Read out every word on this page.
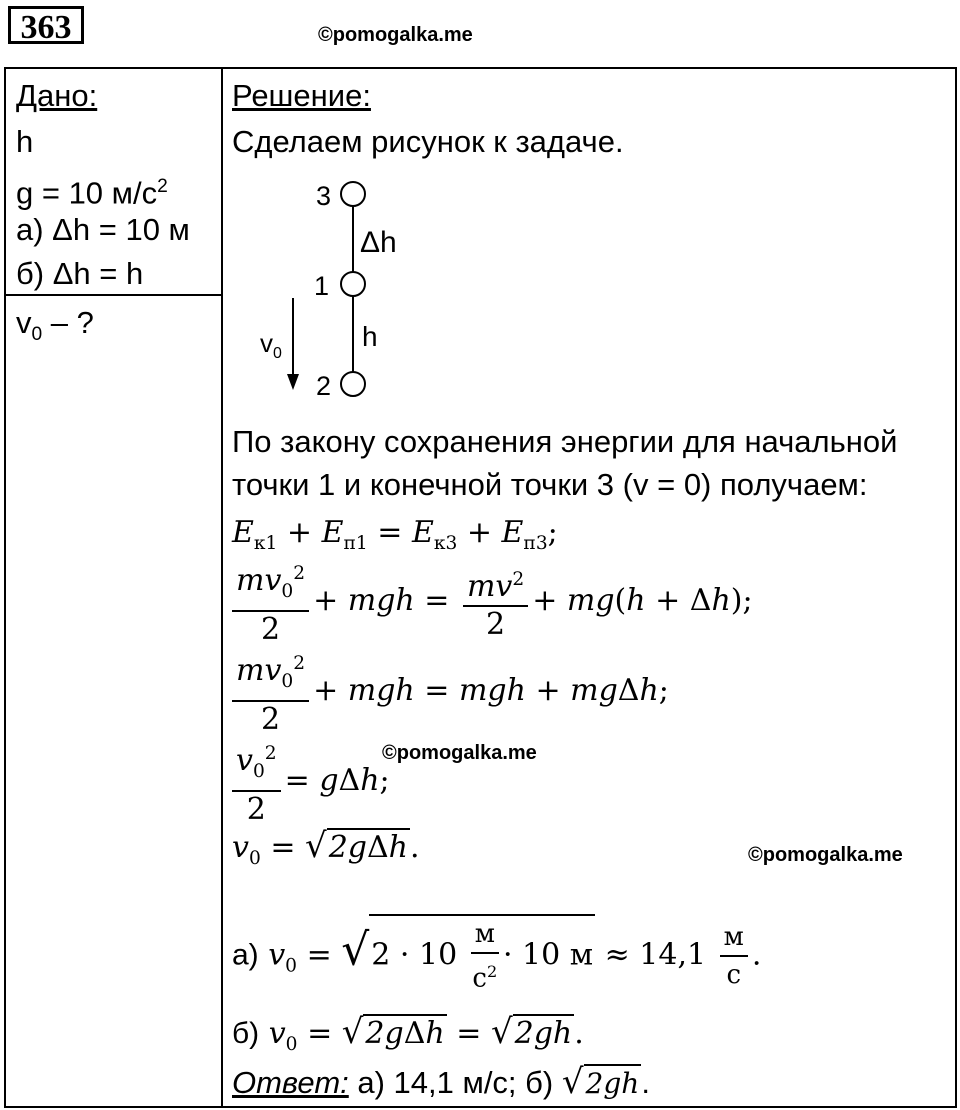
363	©pomogalka.me
Дано:
h
g = 10 $м/с^2$
а) Δh = 10 м
б) Δh = h
$v_0$ – ?
Решение:
Сделаем рисунок к задаче.
3
1
2
Δh
h
$v_0$
По закону сохранения энергии для начальной
точки 1 и конечной точки 3 (v = 0) получаем:
$E_{к1} + E_{п1} = E_{к3} + E_{п3}$;
$\frac{mv_0^2}{2}$ + mgh = $\frac{mv^2}{2} + mg(h + \Delta h)$;
$\frac{mv_0^2}{2}$ + mgh = mgh + mgΔh;
$\frac{v_0^2}{2} = g\Delta h$;
©pomogalka.me
$v_0 = √2g\Delta h$.	©pomogalka.me
а) $v_0 = √2 \cdot 10 \frac{м}{с^2} \cdot 10$ $м \approx 14,1 \frac{м}{с}$ .
б) $v_0 = √2g\Delta h = √2gh$.
Ответ: а) 14,1 м/с; б) √2gh.
